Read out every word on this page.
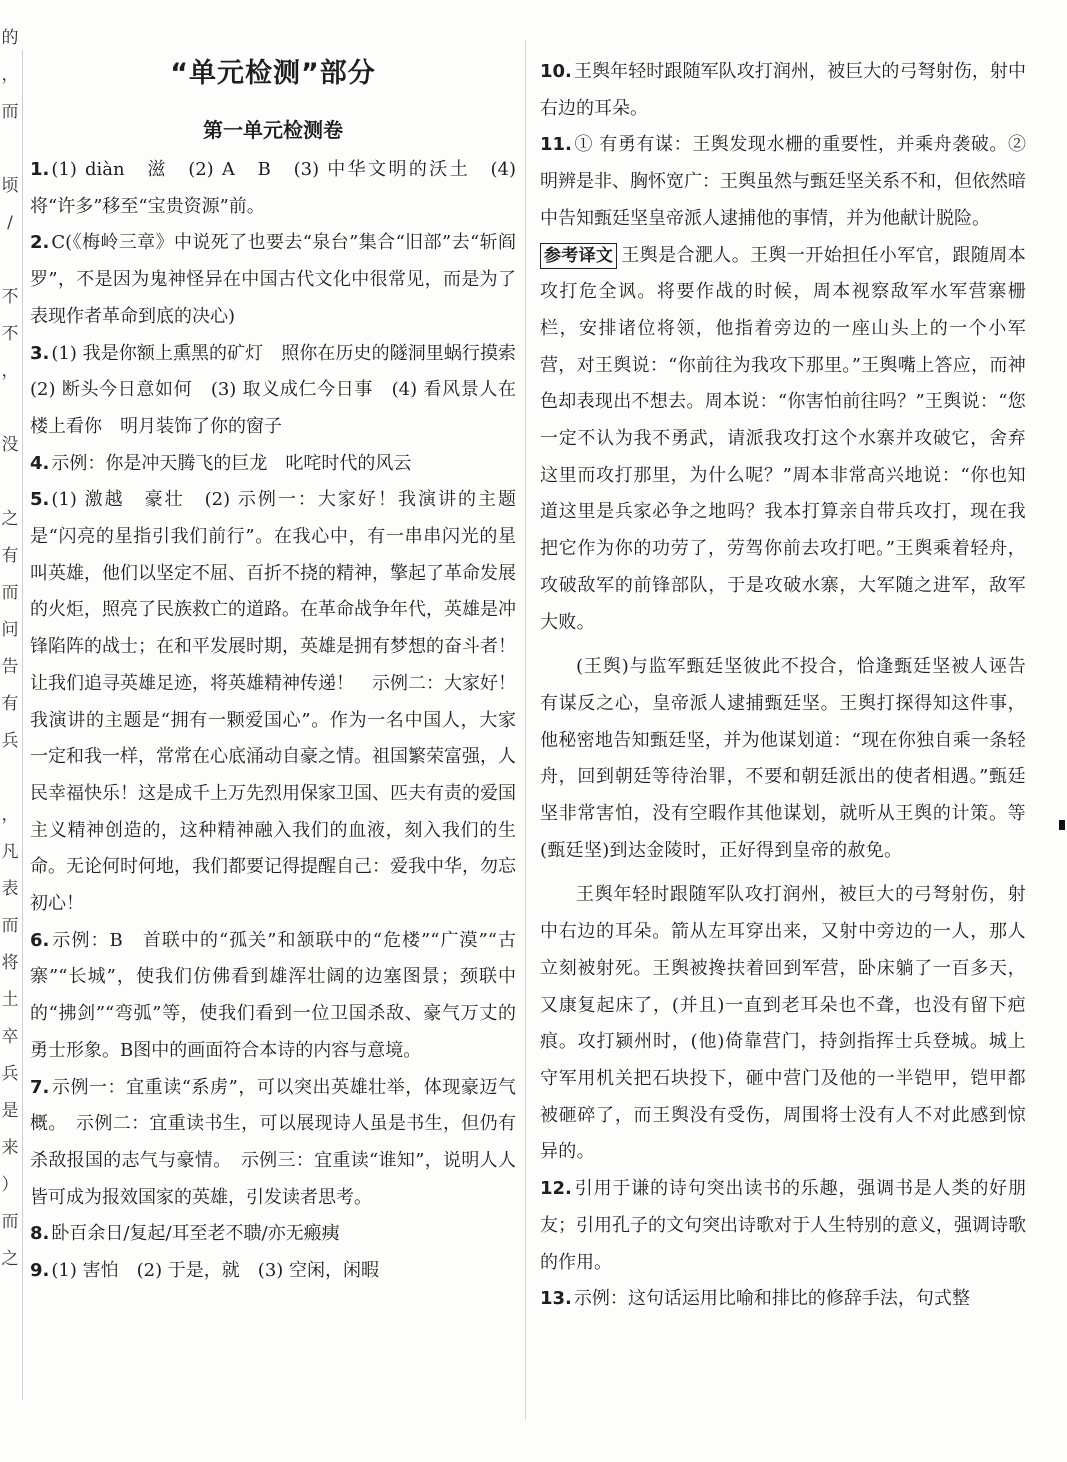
的
，
而

顷
/

不
不
，

没

之
有
而
问
告
有
兵

，
凡
表
而
将
土
卒
兵
是
来
）
而
之
“单元检测”部分
第一单元检测卷

1. (1) diàn　滋　(2) A　B　(3) 中华文明的沃土　(4) 将“许多”移至“宝贵资源”前。

2. C(《梅岭三章》中说死了也要去“泉台”集合“旧部”去“斩阎罗”，不是因为鬼神怪异在中国古代文化中很常见，而是为了表现作者革命到底的决心)

3. (1) 我是你额上熏黑的矿灯　照你在历史的隧洞里蜗行摸索　(2) 断头今日意如何　(3) 取义成仁今日事　(4) 看风景人在楼上看你　明月装饰了你的窗子

4. 示例：你是冲天腾飞的巨龙　叱咤时代的风云

5. (1) 激越　豪壮　(2) 示例一：大家好！我演讲的主题是“闪亮的星指引我们前行”。在我心中，有一串串闪光的星叫英雄，他们以坚定不屈、百折不挠的精神，擎起了革命发展的火炬，照亮了民族救亡的道路。在革命战争年代，英雄是冲锋陷阵的战士；在和平发展时期，英雄是拥有梦想的奋斗者！让我们追寻英雄足迹，将英雄精神传递！　示例二：大家好！我演讲的主题是“拥有一颗爱国心”。作为一名中国人，大家一定和我一样，常常在心底涌动自豪之情。祖国繁荣富强，人民幸福快乐！这是成千上万先烈用保家卫国、匹夫有责的爱国主义精神创造的，这种精神融入我们的血液，刻入我们的生命。无论何时何地，我们都要记得提醒自己：爱我中华，勿忘初心！

6. 示例：B　首联中的“孤关”和颔联中的“危楼”“广漠”“古寨”“长城”，使我们仿佛看到雄浑壮阔的边塞图景；颈联中的“拂剑”“弯弧”等，使我们看到一位卫国杀敌、豪气万丈的勇士形象。B图中的画面符合本诗的内容与意境。

7. 示例一：宜重读“系虏”，可以突出英雄壮举，体现豪迈气概。　示例二：宜重读书生，可以展现诗人虽是书生，但仍有杀敌报国的志气与豪情。　示例三：宜重读“谁知”，说明人人皆可成为报效国家的英雄，引发读者思考。

8. 卧百余日/复起/耳至老不聩/亦无瘢痍

9. (1) 害怕　(2) 于是，就　(3) 空闲，闲暇

10. 王舆年轻时跟随军队攻打润州，被巨大的弓弩射伤，射中右边的耳朵。

11. ① 有勇有谋：王舆发现水栅的重要性，并乘舟袭破。② 明辨是非、胸怀宽广：王舆虽然与甄廷坚关系不和，但依然暗中告知甄廷坚皇帝派人逮捕他的事情，并为他献计脱险。

参考译文 王舆是合淝人。王舆一开始担任小军官，跟随周本攻打危全讽。将要作战的时候，周本视察敌军水军营寨栅栏，安排诸位将领，他指着旁边的一座山头上的一个小军营，对王舆说：“你前往为我攻下那里。”王舆嘴上答应，而神色却表现出不想去。周本说：“你害怕前往吗？”王舆说：“您一定不认为我不勇武，请派我攻打这个水寨并攻破它，舍弃这里而攻打那里，为什么呢？”周本非常高兴地说：“你也知道这里是兵家必争之地吗？我本打算亲自带兵攻打，现在我把它作为你的功劳了，劳驾你前去攻打吧。”王舆乘着轻舟，攻破敌军的前锋部队，于是攻破水寨，大军随之进军，敌军大败。

(王舆)与监军甄廷坚彼此不投合，恰逢甄廷坚被人诬告有谋反之心，皇帝派人逮捕甄廷坚。王舆打探得知这件事，他秘密地告知甄廷坚，并为他谋划道：“现在你独自乘一条轻舟，回到朝廷等待治罪，不要和朝廷派出的使者相遇。”甄廷坚非常害怕，没有空暇作其他谋划，就听从王舆的计策。等(甄廷坚)到达金陵时，正好得到皇帝的赦免。

王舆年轻时跟随军队攻打润州，被巨大的弓弩射伤，射中右边的耳朵。箭从左耳穿出来，又射中旁边的一人，那人立刻被射死。王舆被搀扶着回到军营，卧床躺了一百多天，又康复起床了，(并且)一直到老耳朵也不聋，也没有留下疤痕。攻打颍州时，(他)倚靠营门，持剑指挥士兵登城。城上守军用机关把石块投下，砸中营门及他的一半铠甲，铠甲都被砸碎了，而王舆没有受伤，周围将士没有人不对此感到惊异的。

12. 引用于谦的诗句突出读书的乐趣，强调书是人类的好朋友；引用孔子的文句突出诗歌对于人生特别的意义，强调诗歌的作用。

13. 示例：这句话运用比喻和排比的修辞手法，句式整
